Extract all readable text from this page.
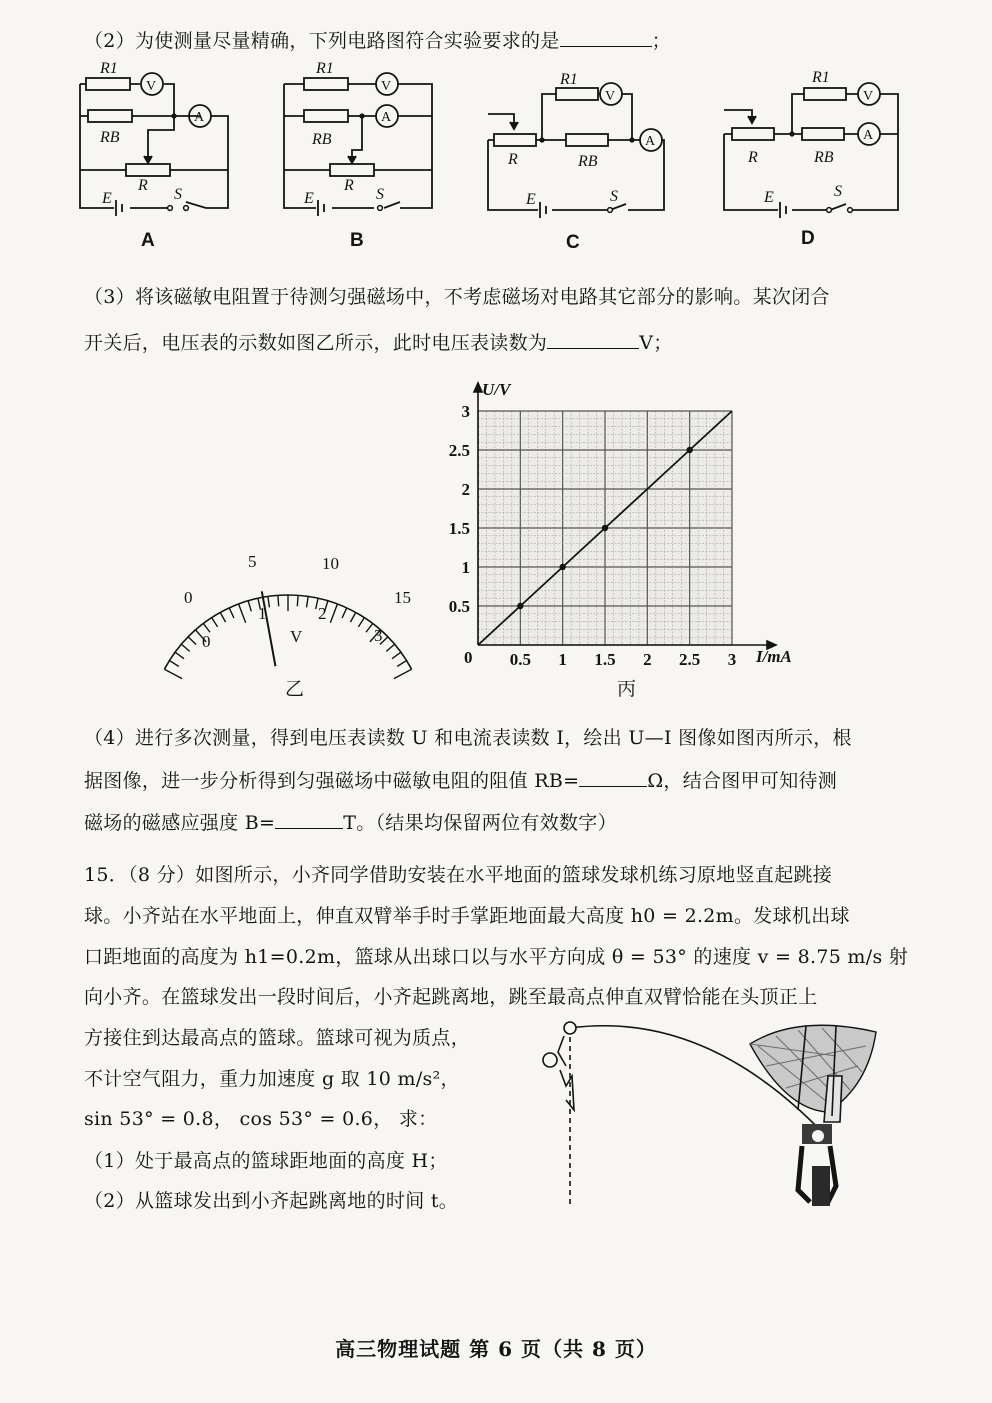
（2）为使测量尽量精确，下列电路图符合实验要求的是	；
R1
V
A
RB
R
E	S
A
R1
V
A
RB
R
E	S
B
R1
V
A
R	RB
E	S
C
R1
V
A
R	RB
E	S
D
（3）将该磁敏电阻置于待测匀强磁场中，不考虑磁场对电路其它部分的影响。某次闭合
开关后，电压表的示数如图乙所示，此时电压表读数为	V；
0
5	10
15
0
1	2
3
V
乙
0 0.5 1 1.5 2 2.5 3
0.5
1
1.5
2
2.5
3
U/V
I/mA
丙
（4）进行多次测量，得到电压表读数 U 和电流表读数 I，绘出 U—I 图像如图丙所示，根
据图像，进一步分析得到匀强磁场中磁敏电阻的阻值 RB=	Ω，结合图甲可知待测
磁场的磁感应强度 B=	T。（结果均保留两位有效数字）
15．（8 分）如图所示，小齐同学借助安装在水平地面的篮球发球机练习原地竖直起跳接
球。小齐站在水平地面上，伸直双臂举手时手掌距地面最大高度 h0 = 2.2m。发球机出球
口距地面的高度为 h1=0.2m，篮球从出球口以与水平方向成 θ = 53° 的速度 v = 8.75 m/s 射
向小齐。在篮球发出一段时间后，小齐起跳离地，跳至最高点伸直双臂恰能在头顶正上
方接住到达最高点的篮球。篮球可视为质点，
不计空气阻力，重力加速度 g 取 10 m/s²，
sin 53° = 0.8， cos 53° = 0.6， 求：
（1）处于最高点的篮球距地面的高度 H；
（2）从篮球发出到小齐起跳离地的时间 t。
高三物理试题 第 6 页（共 8 页）
